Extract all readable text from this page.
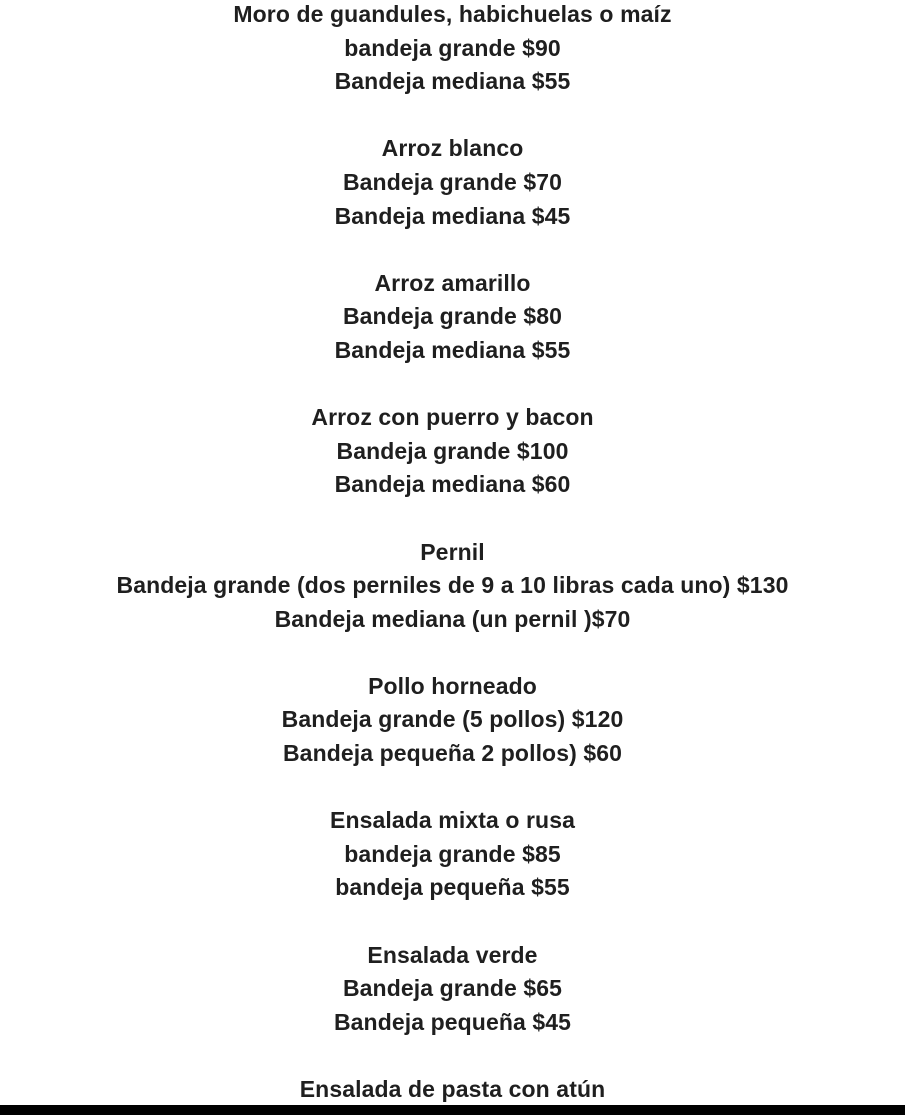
Moro de guandules, habichuelas o maíz
bandeja grande $90
Bandeja mediana $55
Arroz blanco
Bandeja grande $70
Bandeja mediana $45
Arroz amarillo
Bandeja grande $80
Bandeja mediana $55
Arroz con puerro y bacon
Bandeja grande $100
Bandeja mediana $60
Pernil
Bandeja grande (dos perniles de 9 a 10 libras cada uno) $130
Bandeja mediana (un pernil )$70
Pollo horneado
Bandeja grande (5 pollos) $120
Bandeja pequeña 2 pollos) $60
Ensalada mixta o rusa
bandeja grande $85
bandeja pequeña $55
Ensalada verde
Bandeja grande $65
Bandeja pequeña $45
Ensalada de pasta con atún
